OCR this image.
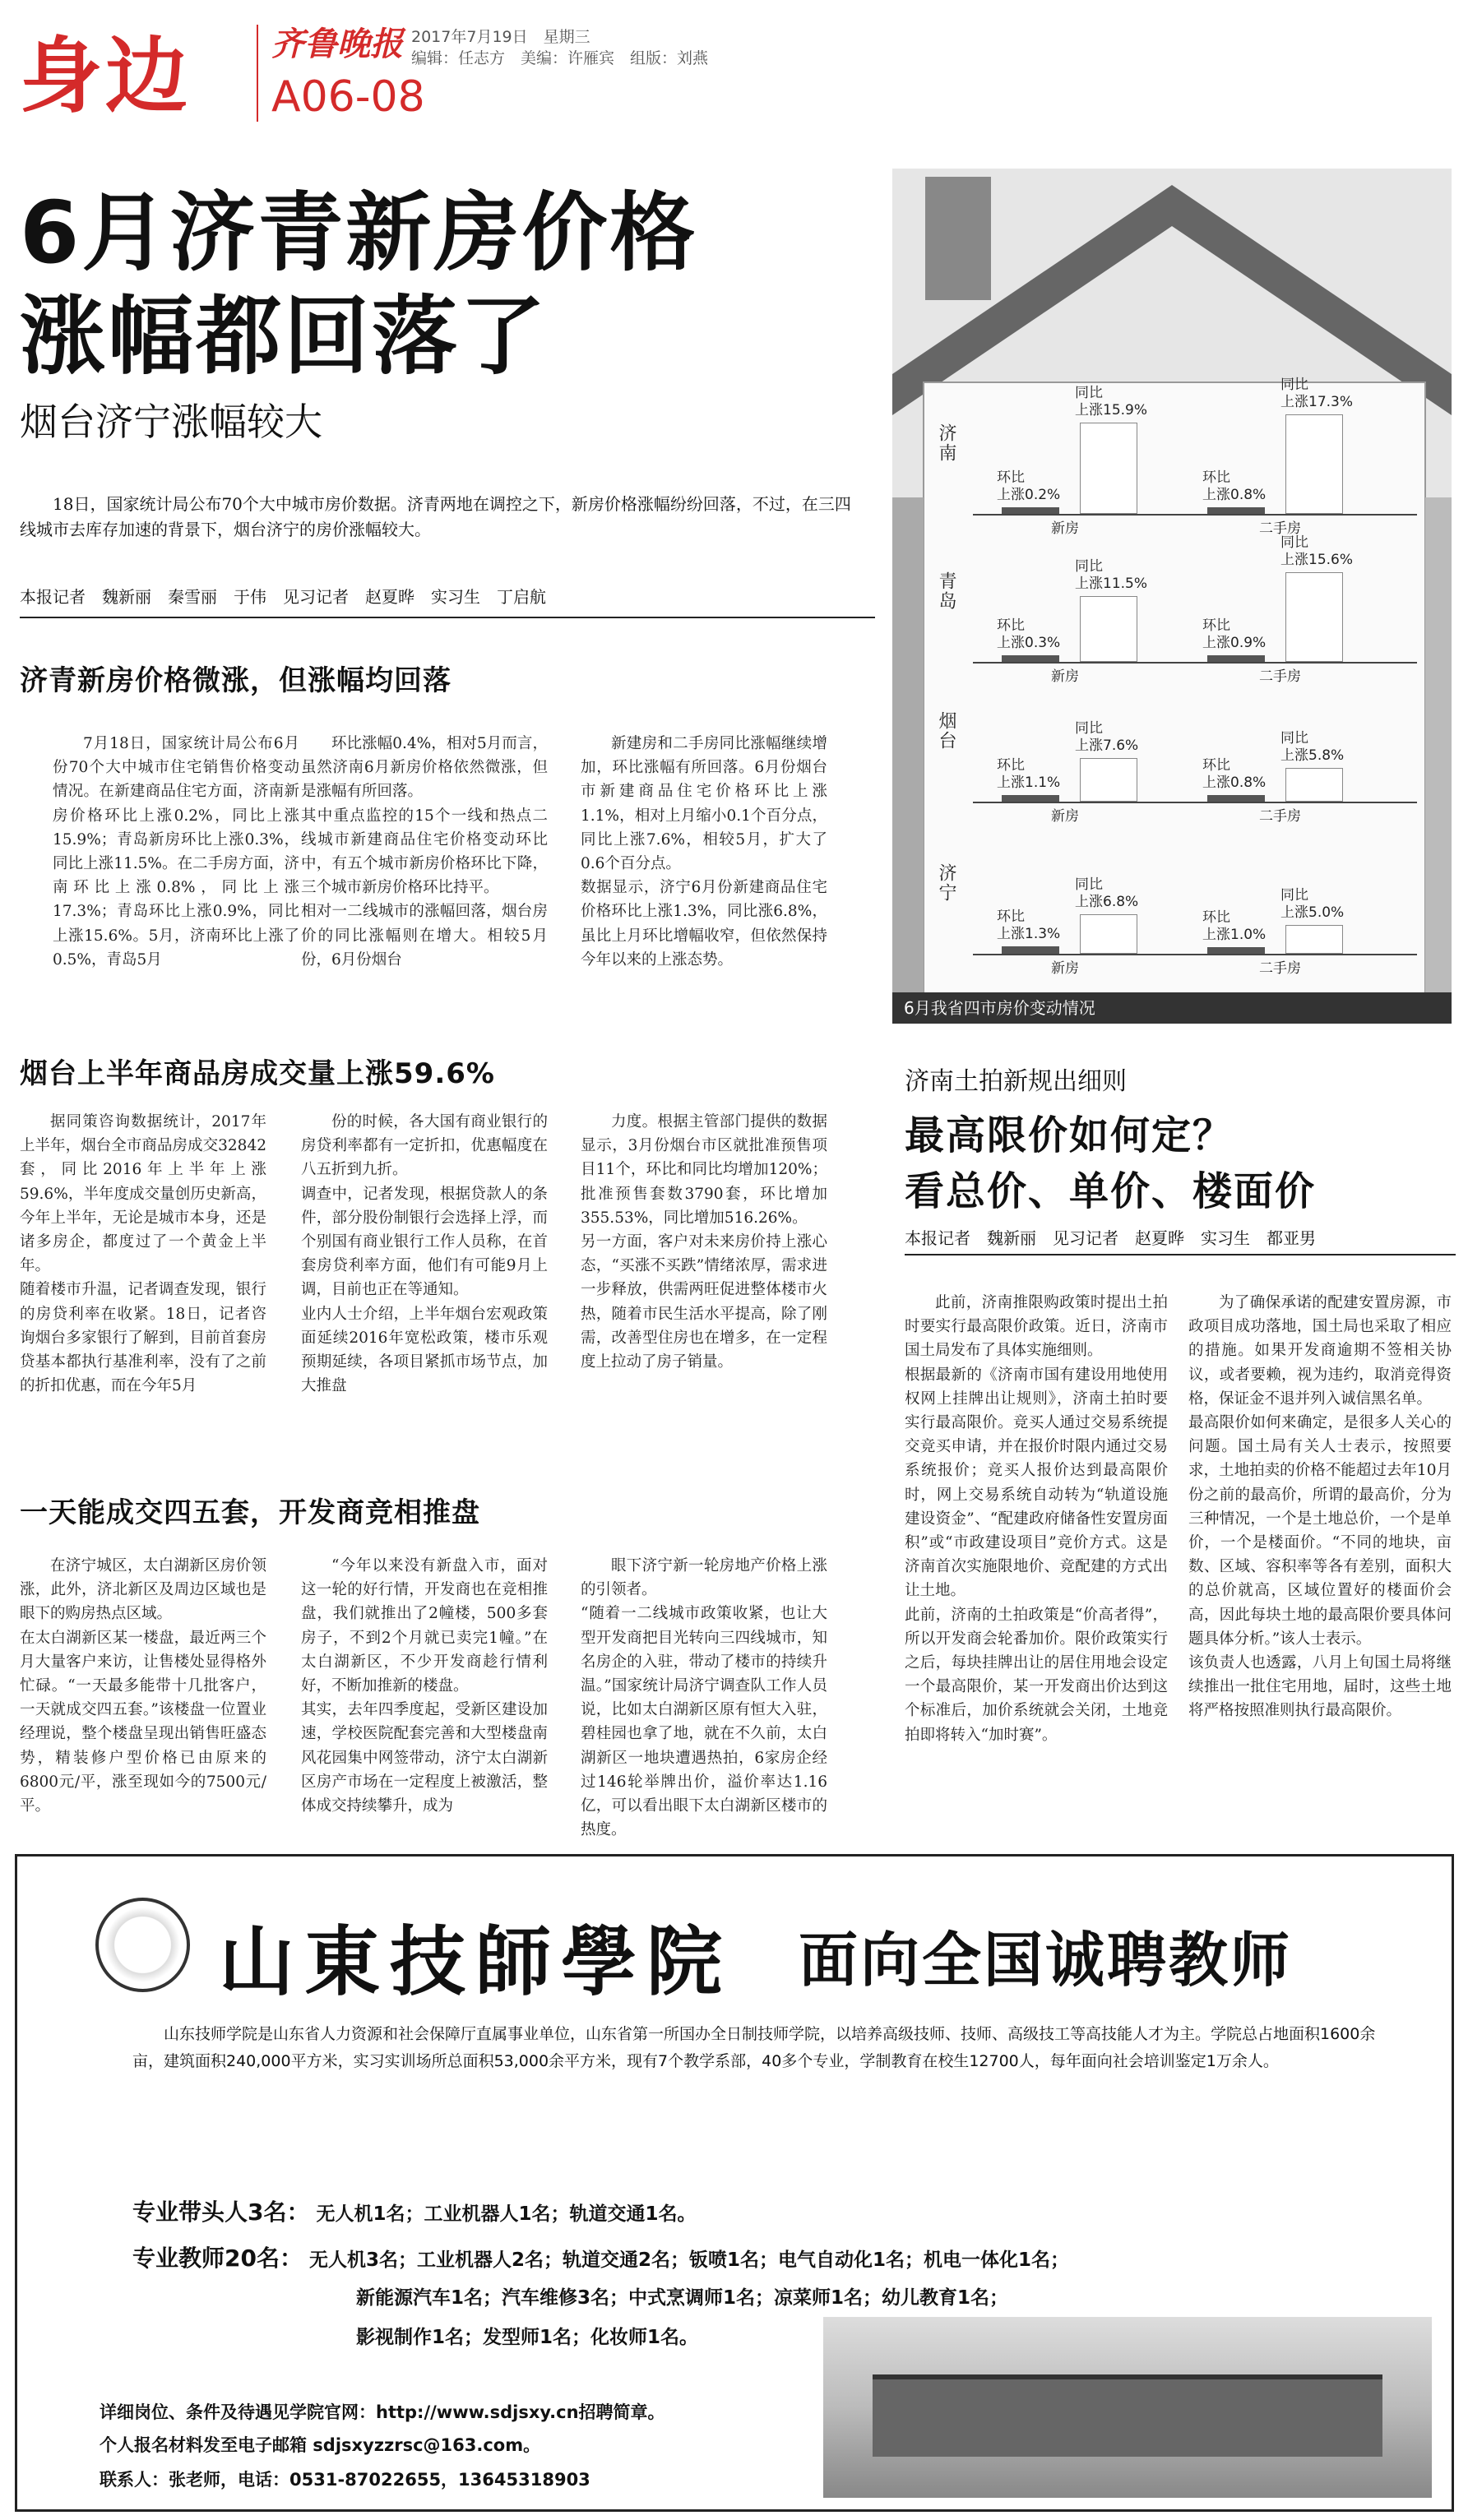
身边 齐鲁晚报
A06-08
2017年7月19日　星期三
编辑：任志方　美编：许雁宾　组版：刘燕
6月济青新房价格
涨幅都回落了
烟台济宁涨幅较大
18日，国家统计局公布70个大中城市房价数据。济青两地在调控之下，新房价格涨幅纷纷回落，不过，在三四线城市去库存加速的背景下，烟台济宁的房价涨幅较大。
本报记者　魏新丽　秦雪丽　于伟　见习记者　赵夏晔　实习生　丁启航
济青新房价格微涨，但涨幅均回落

7月18日，国家统计局公布6月份70个大中城市住宅销售价格变动情况。在新建商品住宅方面，济南新房价格环比上涨0.2%，同比上涨15.9%；青岛新房环比上涨0.3%，同比上涨11.5%。在二手房方面，济南环比上涨0.8%，同比上涨17.3%；青岛环比上涨0.9%，同比上涨15.6%。5月，济南环比上涨了0.5%，青岛5月

环比涨幅0.4%，相对5月而言，虽然济南6月新房价格依然微涨，但是涨幅有所回落。
其中重点监控的15个一线和热点二线城市新建商品住宅价格变动环比中，有五个城市新房价格环比下降，三个城市新房价格环比持平。
相对一二线城市的涨幅回落，烟台房价的同比涨幅则在增大。相较5月份，6月份烟台

新建房和二手房同比涨幅继续增加，环比涨幅有所回落。6月份烟台市新建商品住宅价格环比上涨1.1%，相对上月缩小0.1个百分点，同比上涨7.6%，相较5月，扩大了0.6个百分点。
数据显示，济宁6月份新建商品住宅价格环比上涨1.3%，同比涨6.8%，虽比上月环比增幅收窄，但依然保持今年以来的上涨态势。

烟台上半年商品房成交量上涨59.6%

据同策咨询数据统计，2017年上半年，烟台全市商品房成交32842套，同比2016年上半年上涨59.6%，半年度成交量创历史新高，今年上半年，无论是城市本身，还是诸多房企，都度过了一个黄金上半年。
随着楼市升温，记者调查发现，银行的房贷利率在收紧。18日，记者咨询烟台多家银行了解到，目前首套房贷基本都执行基准利率，没有了之前的折扣优惠，而在今年5月

份的时候，各大国有商业银行的房贷利率都有一定折扣，优惠幅度在八五折到九折。
调查中，记者发现，根据贷款人的条件，部分股份制银行会选择上浮，而个别国有商业银行工作人员称，在首套房贷利率方面，他们有可能9月上调，目前也正在等通知。
业内人士介绍，上半年烟台宏观政策面延续2016年宽松政策，楼市乐观预期延续，各项目紧抓市场节点，加大推盘

力度。根据主管部门提供的数据显示，3月份烟台市区就批准预售项目11个，环比和同比均增加120%；批准预售套数3790套，环比增加355.53%，同比增加516.26%。
另一方面，客户对未来房价持上涨心态，“买涨不买跌”情绪浓厚，需求进一步释放，供需两旺促进整体楼市火热，随着市民生活水平提高，除了刚需，改善型住房也在增多，在一定程度上拉动了房子销量。

一天能成交四五套，开发商竞相推盘

在济宁城区，太白湖新区房价领涨，此外，济北新区及周边区域也是眼下的购房热点区域。
在太白湖新区某一楼盘，最近两三个月大量客户来访，让售楼处显得格外忙碌。“一天最多能带十几批客户，一天就成交四五套。”该楼盘一位置业经理说，整个楼盘呈现出销售旺盛态势，精装修户型价格已由原来的6800元/平，涨至现如今的7500元/平。

“今年以来没有新盘入市，面对这一轮的好行情，开发商也在竞相推盘，我们就推出了2幢楼，500多套房子，不到2个月就已卖完1幢。”在太白湖新区，不少开发商趁行情利好，不断加推新的楼盘。
其实，去年四季度起，受新区建设加速，学校医院配套完善和大型楼盘南风花园集中网签带动，济宁太白湖新区房产市场在一定程度上被激活，整体成交持续攀升，成为

眼下济宁新一轮房地产价格上涨的引领者。
“随着一二线城市政策收紧，也让大型开发商把目光转向三四线城市，知名房企的入驻，带动了楼市的持续升温。”国家统计局济宁调查队工作人员说，比如太白湖新区原有恒大入驻，碧桂园也拿了地，就在不久前，太白湖新区一地块遭遇热拍，6家房企经过146轮举牌出价，溢价率达1.16亿，可以看出眼下太白湖新区楼市的热度。

济南
环比
上涨0.2%
同比
上涨15.9%
环比
上涨0.8%
同比
上涨17.3%
新房	二手房
青岛
环比
上涨0.3%
同比
上涨11.5%
环比
上涨0.9%
同比
上涨15.6%
新房	二手房
烟台
环比
上涨1.1%
同比
上涨7.6%
环比
上涨0.8%
同比
上涨5.8%
新房	二手房
济宁
环比
上涨1.3%
同比
上涨6.8%
环比
上涨1.0%
同比
上涨5.0%
新房	二手房
6月我省四市房价变动情况
济南土拍新规出细则
最高限价如何定？
看总价、单价、楼面价
本报记者　魏新丽　见习记者　赵夏晔　实习生　都亚男

此前，济南推限购政策时提出土拍时要实行最高限价政策。近日，济南市国土局发布了具体实施细则。
根据最新的《济南市国有建设用地使用权网上挂牌出让规则》，济南土拍时要实行最高限价。竞买人通过交易系统提交竞买申请，并在报价时限内通过交易系统报价；竞买人报价达到最高限价时，网上交易系统自动转为“轨道设施建设资金”、“配建政府储备性安置房面积”或“市政建设项目”竞价方式。这是济南首次实施限地价、竞配建的方式出让土地。
此前，济南的土拍政策是“价高者得”，所以开发商会轮番加价。限价政策实行之后，每块挂牌出让的居住用地会设定一个最高限价，某一开发商出价达到这个标准后，加价系统就会关闭，土地竞拍即将转入“加时赛”。

为了确保承诺的配建安置房源，市政项目成功落地，国土局也采取了相应的措施。如果开发商逾期不签相关协议，或者要赖，视为违约，取消竞得资格，保证金不退并列入诚信黑名单。
最高限价如何来确定，是很多人关心的问题。国土局有关人士表示，按照要求，土地拍卖的价格不能超过去年10月份之前的最高价，所谓的最高价，分为三种情况，一个是土地总价，一个是单价，一个是楼面价。“不同的地块，亩数、区域、容积率等各有差别，面积大的总价就高，区域位置好的楼面价会高，因此每块土地的最高限价要具体问题具体分析。”该人士表示。
该负责人也透露，八月上旬国土局将继续推出一批住宅用地，届时，这些土地将严格按照准则执行最高限价。

山東技師學院 面向全国诚聘教师
山东技师学院是山东省人力资源和社会保障厅直属事业单位，山东省第一所国办全日制技师学院，以培养高级技师、技师、高级技工等高技能人才为主。学院总占地面积1600余亩，建筑面积240,000平方米，实习实训场所总面积53,000余平方米，现有7个教学系部，40多个专业，学制教育在校生12700人，每年面向社会培训鉴定1万余人。
专业带头人3名： 无人机1名；工业机器人1名；轨道交通1名。
专业教师20名： 无人机3名；工业机器人2名；轨道交通2名；钣喷1名；电气自动化1名；机电一体化1名；
新能源汽车1名；汽车维修3名；中式烹调师1名；凉菜师1名；幼儿教育1名；
影视制作1名；发型师1名；化妆师1名。
详细岗位、条件及待遇见学院官网：http://www.sdjsxy.cn招聘简章。
个人报名材料发至电子邮箱 sdjsxyzzrsc@163.com。
联系人：张老师，电话：0531-87022655，13645318903
